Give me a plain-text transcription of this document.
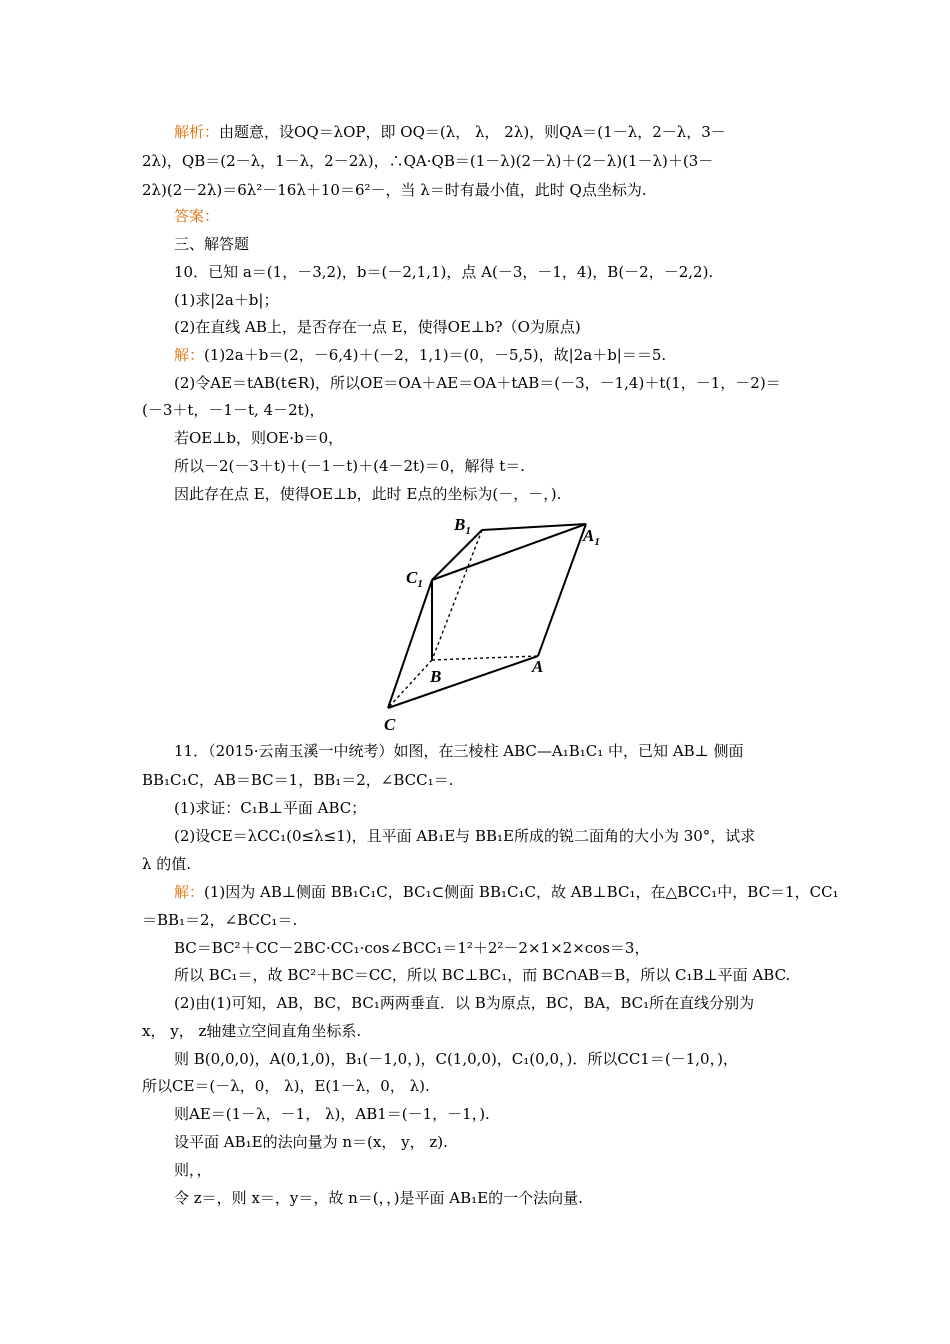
解析：由题意，设OQ＝λOP，即 OQ＝(λ， λ， 2λ)，则QA＝(1－λ，2－λ，3－
2λ)，QB＝(2－λ，1－λ，2－2λ)，∴QA·QB＝(1－λ)(2－λ)＋(2－λ)(1－λ)＋(3－
2λ)(2－2λ)＝6λ²－16λ＋10＝6²－，当 λ＝时有最小值，此时 Q点坐标为.
答案：
三、解答题
10．已知 a＝(1，－3,2)，b＝(－2,1,1)，点 A(－3，－1，4)，B(－2，－2,2).
(1)求|2a＋b|；
(2)在直线 AB上，是否存在一点 E，使得OE⊥b?（O为原点)
解：(1)2a＋b＝(2，－6,4)＋(－2，1,1)＝(0，－5,5)，故|2a＋b|＝＝5.
(2)令AE＝tAB(t∈R)，所以OE＝OA＋AE＝OA＋tAB＝(－3，－1,4)＋t(1，－1，－2)＝
(－3＋t，－1－t, 4－2t)，
若OE⊥b，则OE·b＝0，
所以－2(－3＋t)＋(－1－t)＋(4－2t)＝0，解得 t＝.
因此存在点 E，使得OE⊥b，此时 E点的坐标为(－，－，).
$B_1$	$A_1$
$C_1$
A
B
C
11．（2015·云南玉溪一中统考）如图，在三棱柱 ABC—A₁B₁C₁ 中，已知 AB⊥ 侧面
BB₁C₁C，AB＝BC＝1，BB₁＝2，∠BCC₁＝.
(1)求证：C₁B⊥平面 ABC；
(2)设CE＝λCC₁(0≤λ≤1)，且平面 AB₁E与 BB₁E所成的锐二面角的大小为 30°，试求
λ 的值.
解：(1)因为 AB⊥侧面 BB₁C₁C，BC₁⊂侧面 BB₁C₁C，故 AB⊥BC₁，在△BCC₁中，BC＝1，CC₁
＝BB₁＝2，∠BCC₁＝.
BC＝BC²＋CC－2BC·CC₁·cos∠BCC₁＝1²＋2²－2×1×2×cos＝3，
所以 BC₁＝，故 BC²＋BC＝CC，所以 BC⊥BC₁，而 BC∩AB＝B，所以 C₁B⊥平面 ABC.
(2)由(1)可知，AB，BC，BC₁两两垂直．以 B为原点，BC，BA，BC₁所在直线分别为
x， y， z轴建立空间直角坐标系.
则 B(0,0,0)，A(0,1,0)，B₁(－1,0，)，C(1,0,0)，C₁(0,0，)．所以CC1＝(－1,0，)，
所以CE＝(－λ，0， λ)，E(1－λ，0， λ).
则AE＝(1－λ，－1， λ)，AB1＝(－1，－1，).
设平面 AB₁E的法向量为 n＝(x， y， z).
则，，
令 z＝，则 x＝，y＝，故 n＝(，，)是平面 AB₁E的一个法向量.
